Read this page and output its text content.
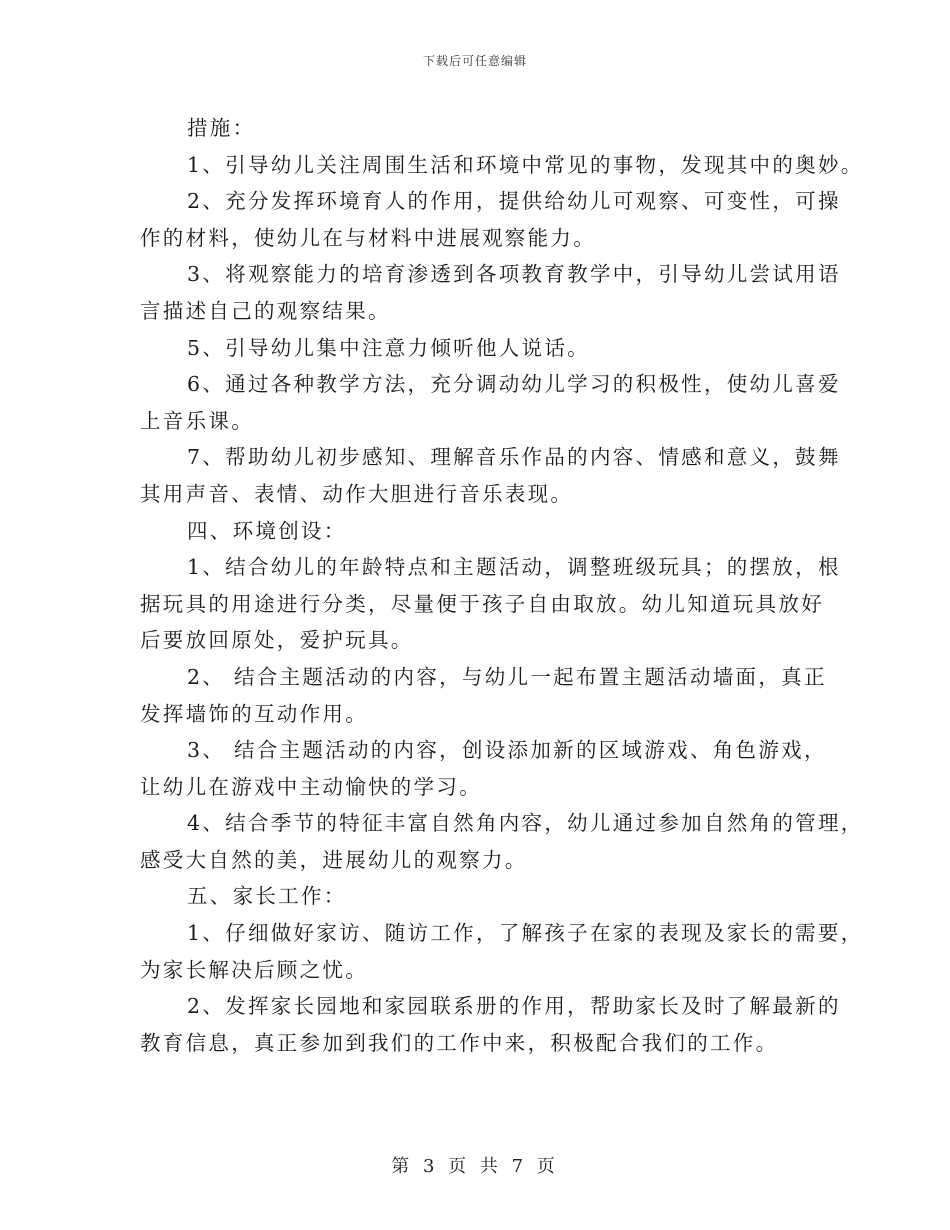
下载后可任意编辑
措施：
1、引导幼儿关注周围生活和环境中常见的事物，发现其中的奥妙。
2、充分发挥环境育人的作用，提供给幼儿可观察、可变性，可操
作的材料，使幼儿在与材料中进展观察能力。
3、将观察能力的培育渗透到各项教育教学中，引导幼儿尝试用语
言描述自己的观察结果。
5、引导幼儿集中注意力倾听他人说话。
6、通过各种教学方法，充分调动幼儿学习的积极性，使幼儿喜爱
上音乐课。
7、帮助幼儿初步感知、理解音乐作品的内容、情感和意义，鼓舞
其用声音、表情、动作大胆进行音乐表现。
四、环境创设：
1、结合幼儿的年龄特点和主题活动，调整班级玩具；的摆放，根
据玩具的用途进行分类，尽量便于孩子自由取放。幼儿知道玩具放好
后要放回原处，爱护玩具。
2、 结合主题活动的内容，与幼儿一起布置主题活动墙面，真正
发挥墙饰的互动作用。
3、 结合主题活动的内容，创设添加新的区域游戏、角色游戏，
让幼儿在游戏中主动愉快的学习。
4、结合季节的特征丰富自然角内容，幼儿通过参加自然角的管理，
感受大自然的美，进展幼儿的观察力。
五、家长工作：
1、仔细做好家访、随访工作，了解孩子在家的表现及家长的需要，
为家长解决后顾之忧。
2、发挥家长园地和家园联系册的作用，帮助家长及时了解最新的
教育信息，真正参加到我们的工作中来，积极配合我们的工作。
第 3 页 共 7 页
